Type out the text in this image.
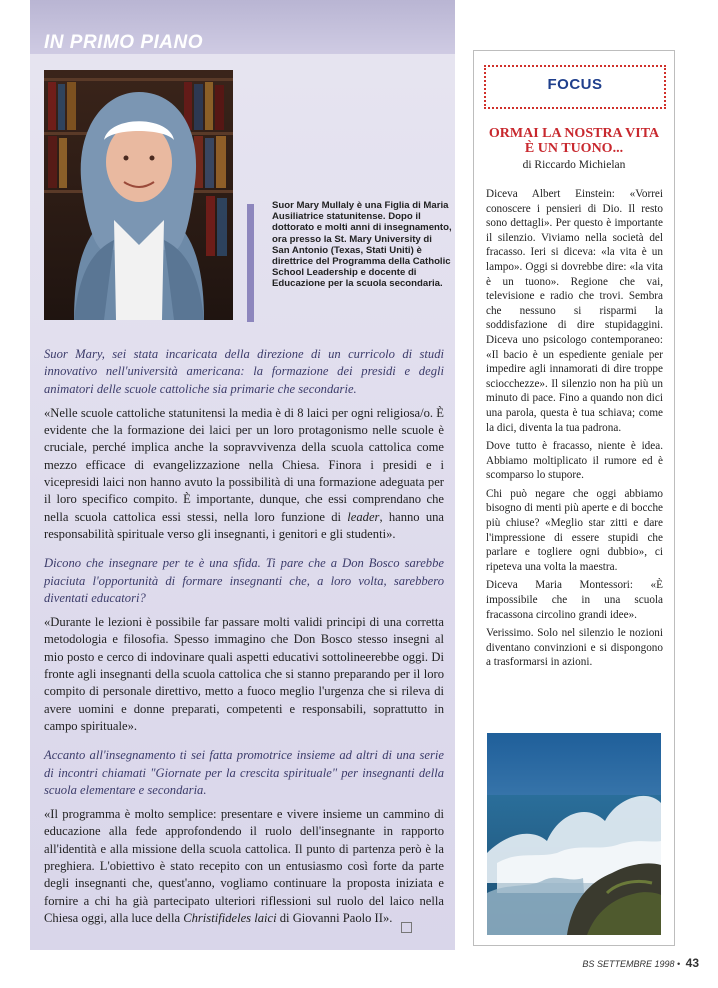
IN PRIMO PIANO

Suor Mary Mullaly è una Figlia di Maria Ausiliatrice statunitense. Dopo il dottorato e molti anni di insegnamento, ora presso la St. Mary University di San Antonio (Texas, Stati Uniti) è direttrice del Programma della Catholic School Leadership e docente di Educazione per la scuola secondaria.

Suor Mary, sei stata incaricata della direzione di un curricolo di studi innovativo nell'università americana: la formazione dei presidi e degli animatori delle scuole cattoliche sia primarie che secondarie.

«Nelle scuole cattoliche statunitensi la media è di 8 laici per ogni religiosa/o. È evidente che la formazione dei laici per un loro protagonismo nelle scuole è cruciale, perché implica anche la sopravvivenza della scuola cattolica come mezzo efficace di evangelizzazione nella Chiesa. Finora i presidi e i vicepresidi laici non hanno avuto la possibilità di una formazione adeguata per il loro specifico compito. È importante, dunque, che essi comprendano che nella scuola cattolica essi stessi, nella loro funzione di leader, hanno una responsabilità spirituale verso gli insegnanti, i genitori e gli studenti».

Dicono che insegnare per te è una sfida. Ti pare che a Don Bosco sarebbe piaciuta l'opportunità di formare insegnanti che, a loro volta, sarebbero diventati educatori?

«Durante le lezioni è possibile far passare molti validi principi di una corretta metodologia e filosofia. Spesso immagino che Don Bosco stesso insegni al mio posto e cerco di indovinare quali aspetti educativi sottolineerebbe oggi. Di fronte agli insegnanti della scuola cattolica che si stanno preparando per il loro compito di personale direttivo, metto a fuoco meglio l'urgenza che si rileva di avere uomini e donne preparati, competenti e responsabili, soprattutto in campo spirituale».

Accanto all'insegnamento ti sei fatta promotrice insieme ad altri di una serie di incontri chiamati "Giornate per la crescita spirituale" per insegnanti della scuola elementare e secondaria.

«Il programma è molto semplice: presentare e vivere insieme un cammino di educazione alla fede approfondendo il ruolo dell'insegnante in rapporto all'identità e alla missione della scuola cattolica. Il punto di partenza però è la preghiera. L'obiettivo è stato recepito con un entusiasmo così forte da parte degli insegnanti che, quest'anno, vogliamo continuare la proposta iniziata e fornire a chi ha già partecipato ulteriori riflessioni sul ruolo del laico nella Chiesa oggi, alla luce della Christifideles laici di Giovanni Paolo II».

FOCUS
ORMAI LA NOSTRA VITA È UN TUONO...
di Riccardo Michielan

Diceva Albert Einstein: «Vorrei conoscere i pensieri di Dio. Il resto sono dettagli». Per questo è importante il silenzio. Viviamo nella società del fracasso. Ieri si diceva: «la vita è un lampo». Oggi si dovrebbe dire: «la vita è un tuono». Regione che vai, televisione e radio che trovi. Sembra che nessuno si risparmi la soddisfazione di dire stupidaggini. Diceva uno psicologo contemporaneo: «Il bacio è un espediente geniale per impedire agli innamorati di dire troppe sciocchezze». Il silenzio non ha più un minuto di pace. Fino a quando non dici una parola, questa è tua schiava; come la dici, diventa la tua padrona.

Dove tutto è fracasso, niente è idea. Abbiamo moltiplicato il rumore ed è scomparso lo stupore.

Chi può negare che oggi abbiamo bisogno di menti più aperte e di bocche più chiuse? «Meglio star zitti e dare l'impressione di essere stupidi che parlare e togliere ogni dubbio», ci ripeteva una volta la maestra.

Diceva Maria Montessori: «È impossibile che in una scuola fracassona circolino grandi idee».

Verissimo. Solo nel silenzio le nozioni diventano convinzioni e si dispongono a trasformarsi in azioni.

BS SETTEMBRE 1998 • 43
